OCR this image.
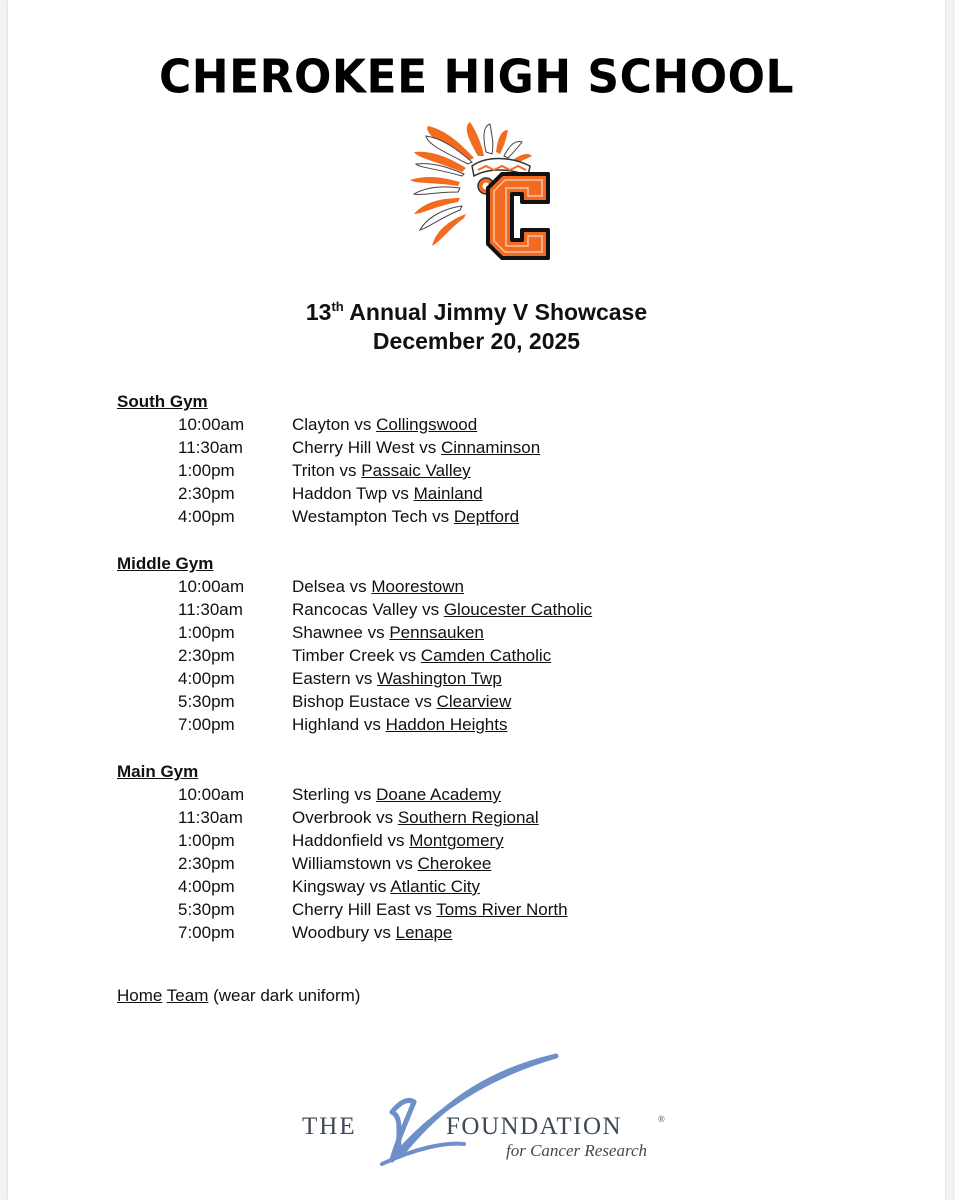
CHEROKEE HIGH SCHOOL
13th Annual Jimmy V Showcase
December 20, 2025
South Gym
10:00am	Clayton vs Collingswood
11:30am	Cherry Hill West vs Cinnaminson
1:00pm	Triton vs Passaic Valley
2:30pm	Haddon Twp vs Mainland
4:00pm	Westampton Tech vs Deptford
Middle Gym
10:00am	Delsea vs Moorestown
11:30am	Rancocas Valley vs Gloucester Catholic
1:00pm	Shawnee vs Pennsauken
2:30pm	Timber Creek vs Camden Catholic
4:00pm	Eastern vs Washington Twp
5:30pm	Bishop Eustace vs Clearview
7:00pm	Highland vs Haddon Heights
Main Gym
10:00am	Sterling vs Doane Academy
11:30am	Overbrook vs Southern Regional
1:00pm	Haddonfield vs Montgomery
2:30pm	Williamstown vs Cherokee
4:00pm	Kingsway vs Atlantic City
5:30pm	Cherry Hill East vs Toms River North
7:00pm	Woodbury vs Lenape
Home Team (wear dark uniform)
THE	FOUNDATION	®
for Cancer Research
